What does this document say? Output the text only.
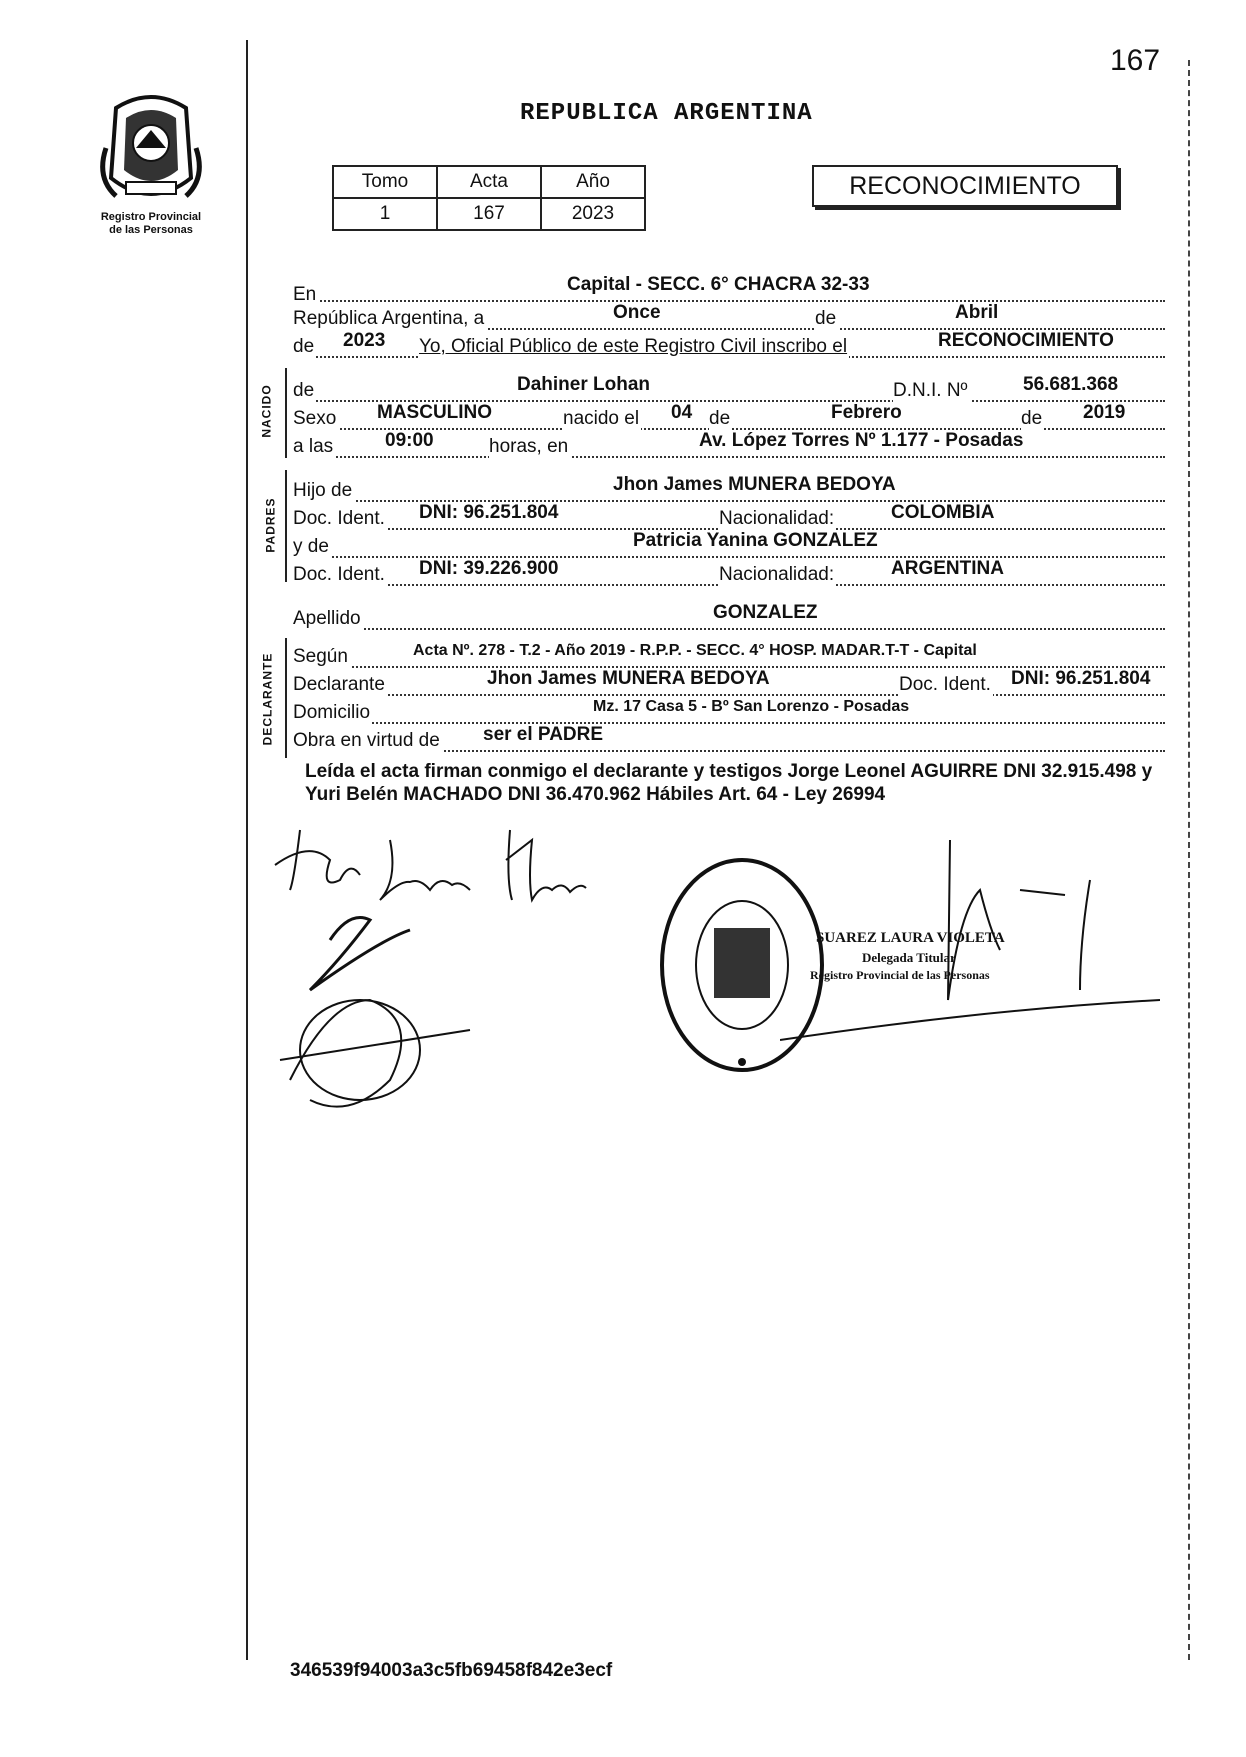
167
Registro Provincial
de las Personas
REPUBLICA ARGENTINA
Tomo	Acta	Año
1	167	2023
RECONOCIMIENTO
En	Capital - SECC. 6° CHACRA 32-33
República Argentina, a	Once	de	Abril
de 2023 Yo, Oficial Público de este Registro Civil inscribo el	RECONOCIMIENTO
NACIDO de	Dahiner Lohan	D.N.I. Nº	56.681.368
Sexo MASCULINO	nacido el 04 de	Febrero	de 2019
a las	09:00	horas, en	Av. López Torres Nº 1.177 - Posadas
PADRES
Hijo de	Jhon James MUNERA BEDOYA
Doc. Ident. DNI: 96.251.804	Nacionalidad:	COLOMBIA
y de	Patricia Yanina GONZALEZ
Doc. Ident. DNI: 39.226.900	Nacionalidad:	ARGENTINA
Apellido	GONZALEZ
DECLARANTE Según	Acta Nº. 278 - T.2 - Año 2019 - R.P.P. - SECC. 4° HOSP. MADAR.T-T - Capital
Declarante	Jhon James MUNERA BEDOYA	Doc. Ident. DNI: 96.251.804
Domicilio	Mz. 17 Casa 5 - Bº San Lorenzo - Posadas
Obra en virtud de ser el PADRE
Leída el acta firman conmigo el declarante y testigos Jorge Leonel AGUIRRE DNI 32.915.498 y Yuri Belén MACHADO DNI 36.470.962 Hábiles Art. 64 - Ley 26994
SUAREZ LAURA VIOLETA
Delegada Titular
Registro Provincial de las Personas
346539f94003a3c5fb69458f842e3ecf
